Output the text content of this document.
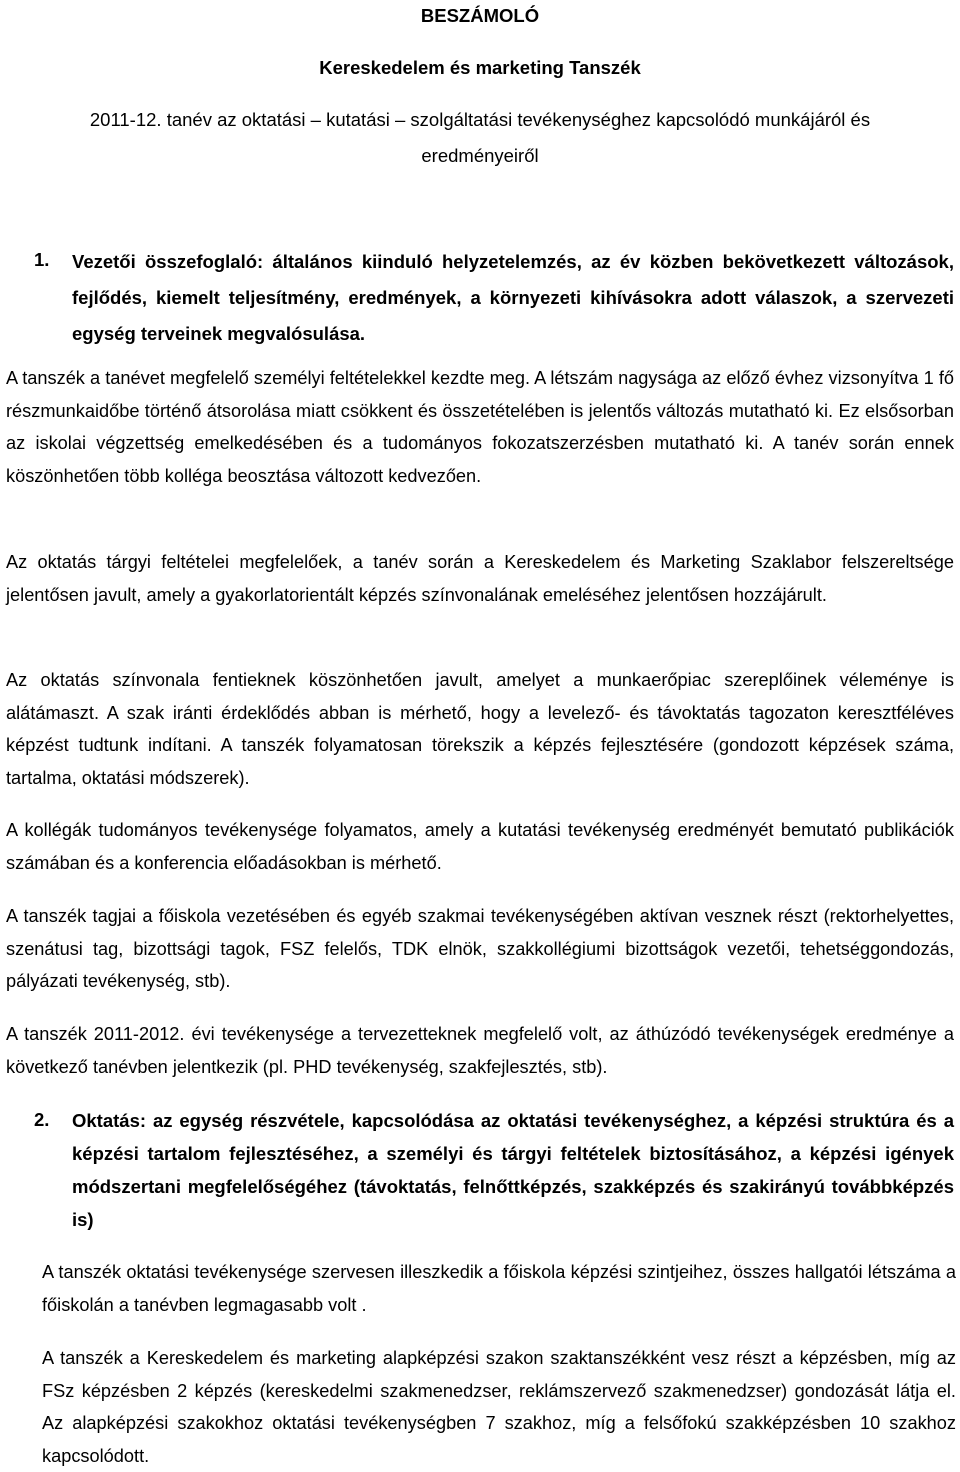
BESZÁMOLÓ

Kereskedelem és marketing Tanszék

2011-12. tanév az oktatási – kutatási – szolgáltatási tevékenységhez kapcsolódó munkájáról és

eredményeiről

1. Vezetői összefoglaló: általános kiinduló helyzetelemzés, az év közben bekövetkezett változások, fejlődés, kiemelt teljesítmény, eredmények, a környezeti kihívásokra adott válaszok, a szervezeti egység terveinek megvalósulása.

A tanszék a tanévet megfelelő személyi feltételekkel kezdte meg. A létszám nagysága az előző évhez vizsonyítva 1 fő részmunkaidőbe történő átsorolása miatt csökkent és összetételében is jelentős változás mutatható ki. Ez elsősorban az iskolai végzettség emelkedésében és a tudományos fokozatszerzésben mutatható ki. A tanév során ennek köszönhetően több kolléga beosztása változott kedvezően.

Az oktatás tárgyi feltételei megfelelőek, a tanév során a Kereskedelem és Marketing Szaklabor felszereltsége jelentősen javult, amely a gyakorlatorientált képzés színvonalának emeléséhez jelentősen hozzájárult.

Az oktatás színvonala fentieknek köszönhetően javult, amelyet a munkaerőpiac szereplőinek véleménye is alátámaszt. A szak iránti érdeklődés abban is mérhető, hogy a levelező- és távoktatás tagozaton keresztféléves képzést tudtunk indítani. A tanszék folyamatosan törekszik a képzés fejlesztésére (gondozott képzések száma, tartalma, oktatási módszerek).

A kollégák tudományos tevékenysége folyamatos, amely a kutatási tevékenység eredményét bemutató publikációk számában és a konferencia előadásokban is mérhető.

A tanszék tagjai a főiskola vezetésében és egyéb szakmai tevékenységében aktívan vesznek részt (rektorhelyettes, szenátusi tag, bizottsági tagok, FSZ felelős, TDK elnök, szakkollégiumi bizottságok vezetői, tehetséggondozás, pályázati tevékenység, stb).

A tanszék 2011-2012. évi tevékenysége a tervezetteknek megfelelő volt, az áthúzódó tevékenységek eredménye a következő tanévben jelentkezik (pl. PHD tevékenység, szakfejlesztés, stb).

2. Oktatás: az egység részvétele, kapcsolódása az oktatási tevékenységhez, a képzési struktúra és a képzési tartalom fejlesztéséhez, a személyi és tárgyi feltételek biztosításához, a képzési igények módszertani megfelelőségéhez (távoktatás, felnőttképzés, szakképzés és szakirányú továbbképzés is)

A tanszék oktatási tevékenysége szervesen illeszkedik a főiskola képzési szintjeihez, összes hallgatói létszáma a főiskolán a tanévben legmagasabb volt .

A tanszék a Kereskedelem és marketing alapképzési szakon szaktanszékként vesz részt a képzésben, míg az FSz képzésben 2 képzés (kereskedelmi szakmenedzser, reklámszervező szakmenedzser) gondozását látja el. Az alapképzési szakokhoz oktatási tevékenységben 7 szakhoz, míg a felsőfokú szakképzésben 10 szakhoz kapcsolódott.
